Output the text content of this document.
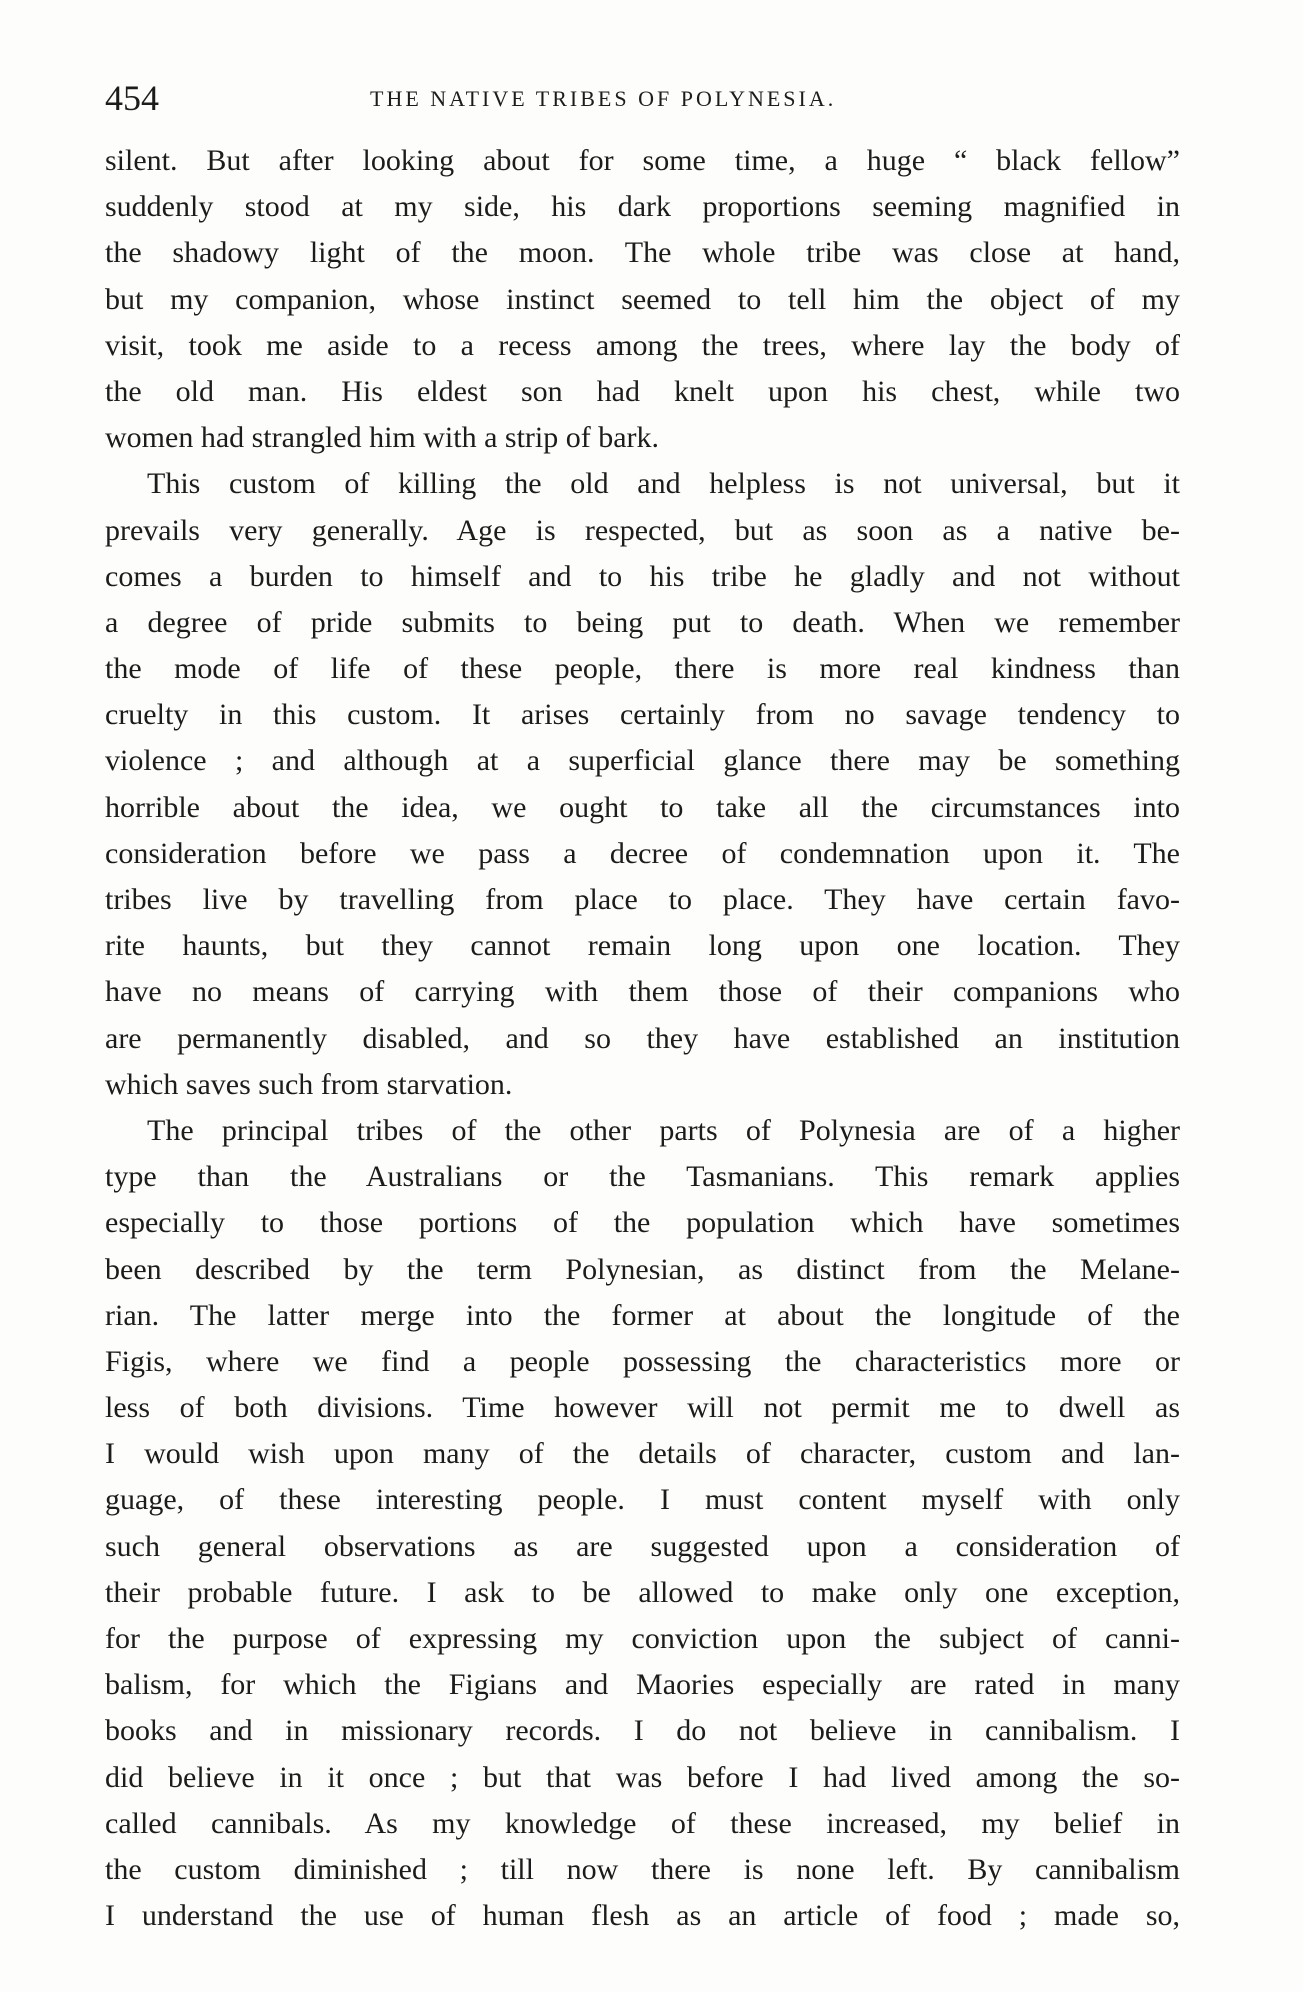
454	THE NATIVE TRIBES OF POLYNESIA.
silent. But after looking about for some time, a huge “ black fellow”
suddenly stood at my side, his dark proportions seeming magnified in
the shadowy light of the moon. The whole tribe was close at hand,
but my companion, whose instinct seemed to tell him the object of my
visit, took me aside to a recess among the trees, where lay the body of
the old man. His eldest son had knelt upon his chest, while two
women had strangled him with a strip of bark.
This custom of killing the old and helpless is not universal, but it
prevails very generally. Age is respected, but as soon as a native be-
comes a burden to himself and to his tribe he gladly and not without
a degree of pride submits to being put to death. When we remember
the mode of life of these people, there is more real kindness than
cruelty in this custom. It arises certainly from no savage tendency to
violence ; and although at a superficial glance there may be something
horrible about the idea, we ought to take all the circumstances into
consideration before we pass a decree of condemnation upon it. The
tribes live by travelling from place to place. They have certain favo-
rite haunts, but they cannot remain long upon one location. They
have no means of carrying with them those of their companions who
are permanently disabled, and so they have established an institution
which saves such from starvation.
The principal tribes of the other parts of Polynesia are of a higher
type than the Australians or the Tasmanians. This remark applies
especially to those portions of the population which have sometimes
been described by the term Polynesian, as distinct from the Melane-
rian. The latter merge into the former at about the longitude of the
Figis, where we find a people possessing the characteristics more or
less of both divisions. Time however will not permit me to dwell as
I would wish upon many of the details of character, custom and lan-
guage, of these interesting people. I must content myself with only
such general observations as are suggested upon a consideration of
their probable future. I ask to be allowed to make only one exception,
for the purpose of expressing my conviction upon the subject of canni-
balism, for which the Figians and Maories especially are rated in many
books and in missionary records. I do not believe in cannibalism. I
did believe in it once ; but that was before I had lived among the so-
called cannibals. As my knowledge of these increased, my belief in
the custom diminished ; till now there is none left. By cannibalism
I understand the use of human flesh as an article of food ; made so,
